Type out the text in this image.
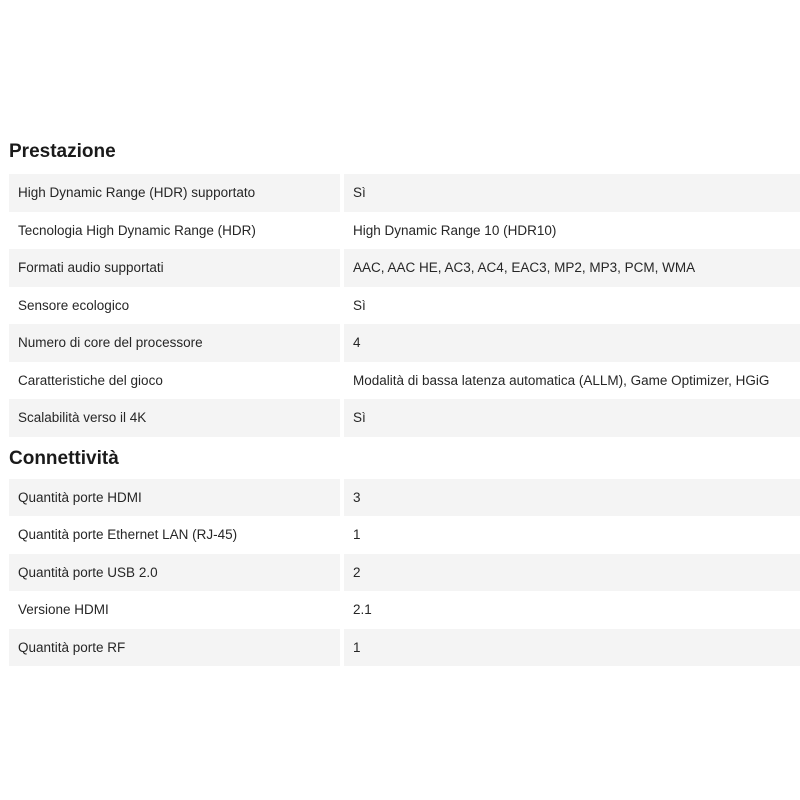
Prestazione
High Dynamic Range (HDR) supportato	Sì
Tecnologia High Dynamic Range (HDR)	High Dynamic Range 10 (HDR10)
Formati audio supportati	AAC, AAC HE, AC3, AC4, EAC3, MP2, MP3, PCM, WMA
Sensore ecologico	Sì
Numero di core del processore	4
Caratteristiche del gioco	Modalità di bassa latenza automatica (ALLM), Game Optimizer, HGiG
Scalabilità verso il 4K	Sì
Connettività
Quantità porte HDMI	3
Quantità porte Ethernet LAN (RJ-45)	1
Quantità porte USB 2.0	2
Versione HDMI	2.1
Quantità porte RF	1
